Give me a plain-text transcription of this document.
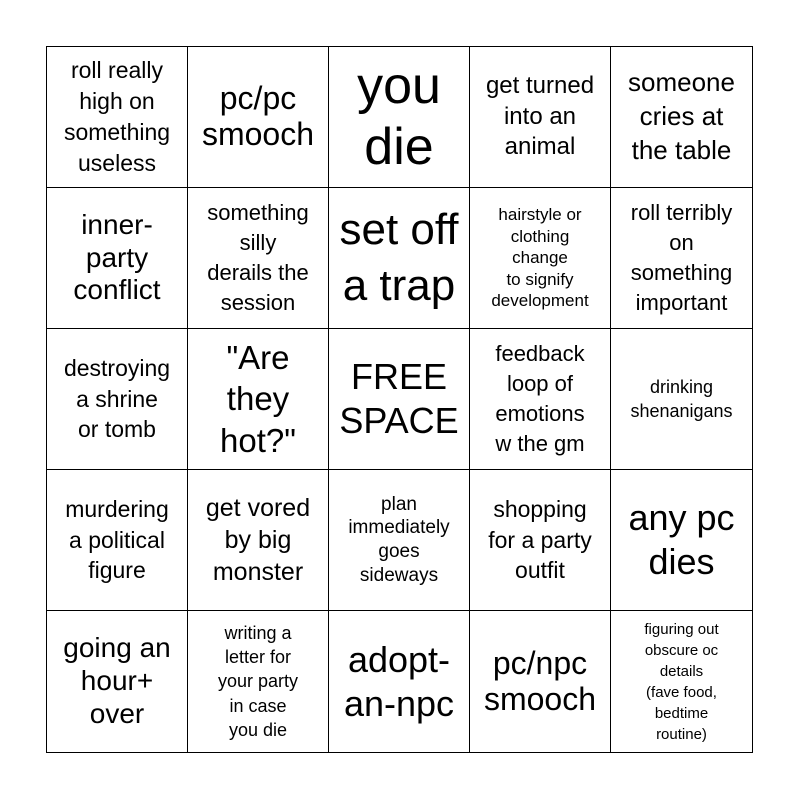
roll really
high on
something
useless
pc/pc
smooch
you
die
get turned
into an
animal
someone
cries at
the table
inner-
party
conflict
something
silly
derails the
session
set off
a trap
hairstyle or
clothing
change
to signify
development
roll terribly
on
something
important
destroying
a shrine
or tomb
"Are
they
hot?"
FREE
SPACE
feedback
loop of
emotions
w the gm
drinking
shenanigans
murdering
a political
figure
get vored
by big
monster
plan
immediately
goes
sideways
shopping
for a party
outfit
any pc
dies
going an
hour+
over
writing a
letter for
your party
in case
you die
adopt-
an-npc
pc/npc
smooch
figuring out
obscure oc
details
(fave food,
bedtime
routine)
